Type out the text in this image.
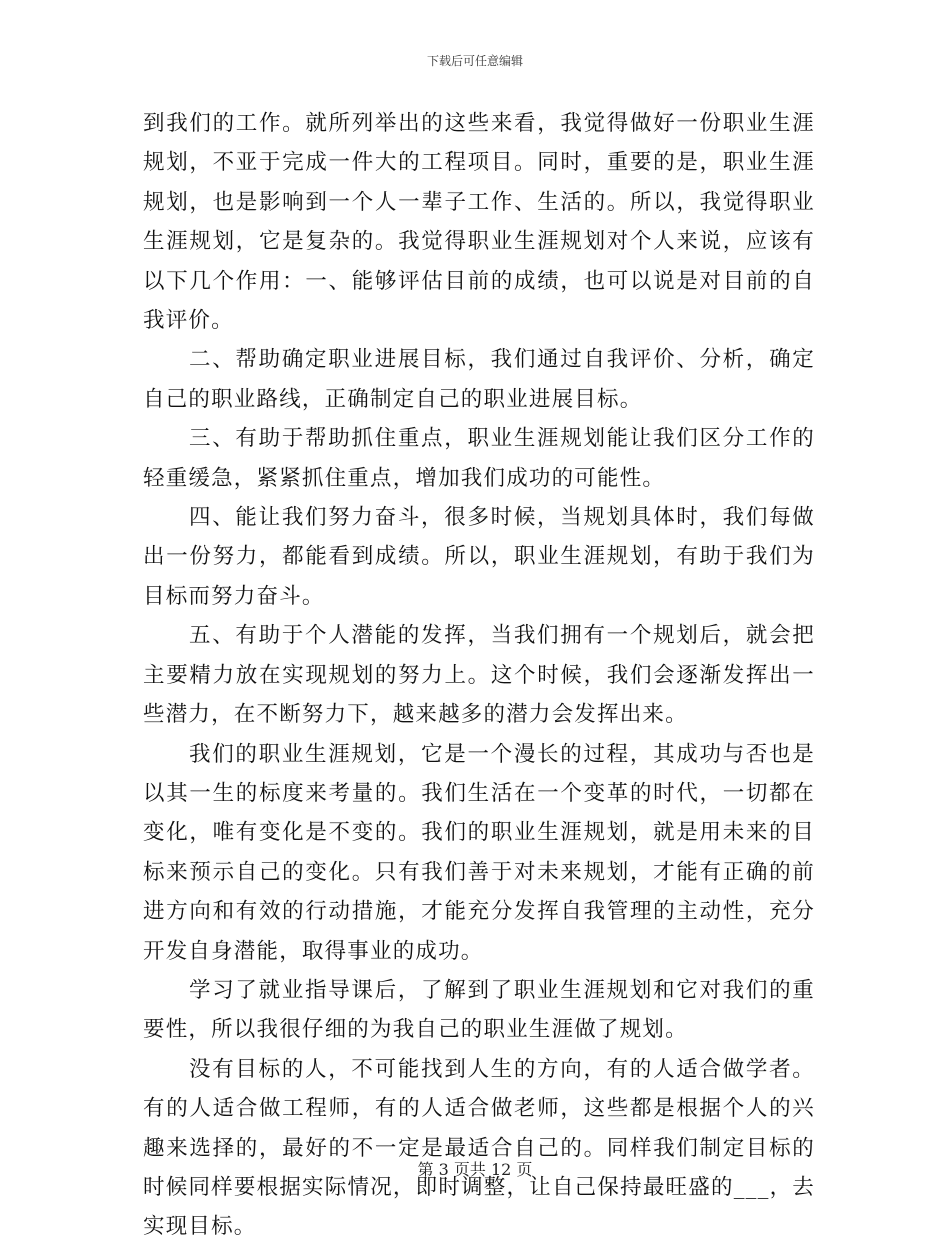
下载后可任意编辑

到我们的工作。就所列举出的这些来看，我觉得做好一份职业生涯规划，不亚于完成一件大的工程项目。同时，重要的是，职业生涯规划，也是影响到一个人一辈子工作、生活的。所以，我觉得职业生涯规划，它是复杂的。我觉得职业生涯规划对个人来说，应该有以下几个作用：一、能够评估目前的成绩，也可以说是对目前的自我评价。

二、帮助确定职业进展目标，我们通过自我评价、分析，确定自己的职业路线，正确制定自己的职业进展目标。

三、有助于帮助抓住重点，职业生涯规划能让我们区分工作的轻重缓急，紧紧抓住重点，增加我们成功的可能性。

四、能让我们努力奋斗，很多时候，当规划具体时，我们每做出一份努力，都能看到成绩。所以，职业生涯规划，有助于我们为目标而努力奋斗。

五、有助于个人潜能的发挥，当我们拥有一个规划后，就会把主要精力放在实现规划的努力上。这个时候，我们会逐渐发挥出一些潜力，在不断努力下，越来越多的潜力会发挥出来。

我们的职业生涯规划，它是一个漫长的过程，其成功与否也是以其一生的标度来考量的。我们生活在一个变革的时代，一切都在变化，唯有变化是不变的。我们的职业生涯规划，就是用未来的目标来预示自己的变化。只有我们善于对未来规划，才能有正确的前进方向和有效的行动措施，才能充分发挥自我管理的主动性，充分开发自身潜能，取得事业的成功。

学习了就业指导课后，了解到了职业生涯规划和它对我们的重要性，所以我很仔细的为我自己的职业生涯做了规划。

没有目标的人，不可能找到人生的方向，有的人适合做学者。有的人适合做工程师，有的人适合做老师，这些都是根据个人的兴趣来选择的，最好的不一定是最适合自己的。同样我们制定目标的时候同样要根据实际情况，即时调整，让自己保持最旺盛的___，去实现目标。

第 3 页共 12 页
